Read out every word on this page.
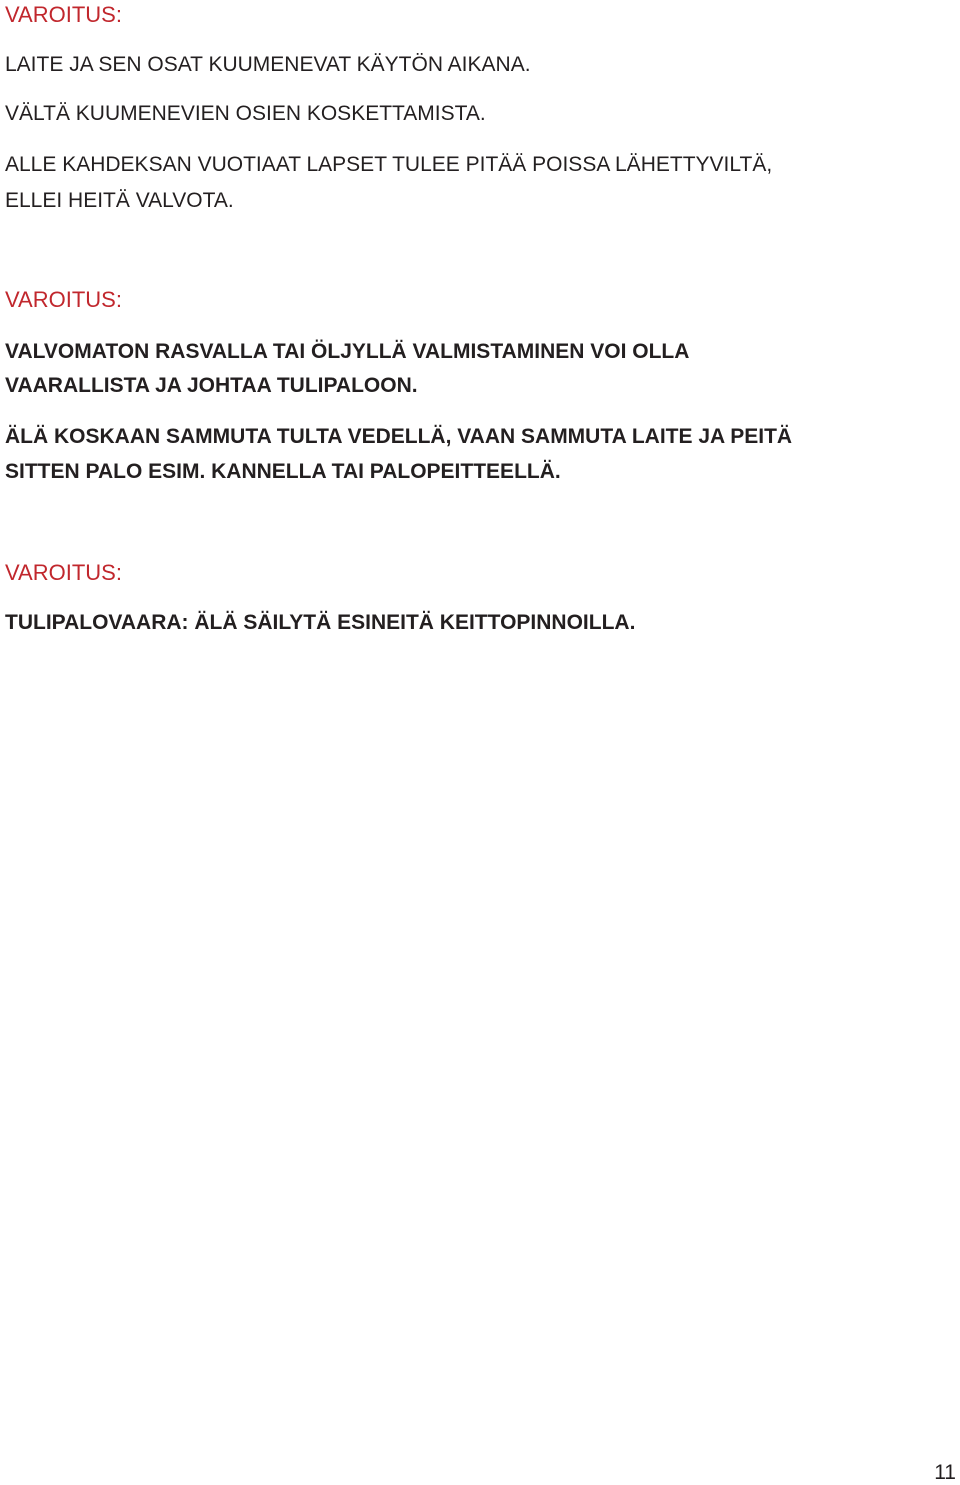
VAROITUS:

LAITE JA SEN OSAT KUUMENEVAT KÄYTÖN AIKANA.

VÄLTÄ KUUMENEVIEN OSIEN KOSKETTAMISTA.

ALLE KAHDEKSAN VUOTIAAT LAPSET TULEE PITÄÄ POISSA LÄHETTYVILTÄ,

ELLEI HEITÄ VALVOTA.

VAROITUS:

VALVOMATON RASVALLA TAI ÖLJYLLÄ VALMISTAMINEN VOI OLLA

VAARALLISTA JA JOHTAA TULIPALOON.

ÄLÄ KOSKAAN SAMMUTA TULTA VEDELLÄ, VAAN SAMMUTA LAITE JA PEITÄ

SITTEN PALO ESIM. KANNELLA TAI PALOPEITTEELLÄ.

VAROITUS:

TULIPALOVAARA: ÄLÄ SÄILYTÄ ESINEITÄ KEITTOPINNOILLA.

11
